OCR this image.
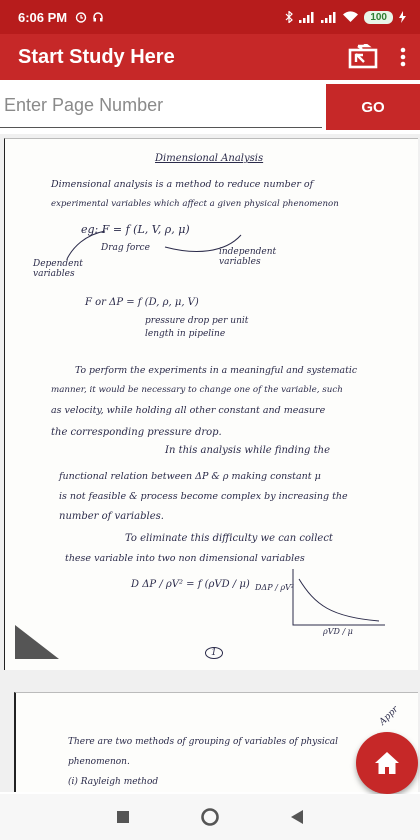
6:06 PM	100
Start Study Here
Enter Page Number
GO
Dimensional Analysis
Dimensional analysis is a method to reduce number of
experimental variables which affect a given physical phenomenon
eg: F = f (L, V, ρ, μ)
Drag force	independent variables
Dependent variables
F or ΔP = f (D, ρ, μ, V)
pressure drop per unit length in pipeline
To perform the experiments in a meaningful and systematic
manner, it would be necessary to change one of the variable, such
as velocity, while holding all other constant and measure
the corresponding pressure drop.
In this analysis while finding the
functional relation between ΔP & ρ making constant μ
is not feasible & process become complex by increasing the
number of variables.
To eliminate this difficulty we can collect
these variable into two non dimensional variables
D ΔP / ρV² = f (ρVD / μ) DΔP / ρV²
ρVD / μ
1
There are two methods of grouping of variables of physical
phenomenon.
(i) Rayleigh method
Appr
